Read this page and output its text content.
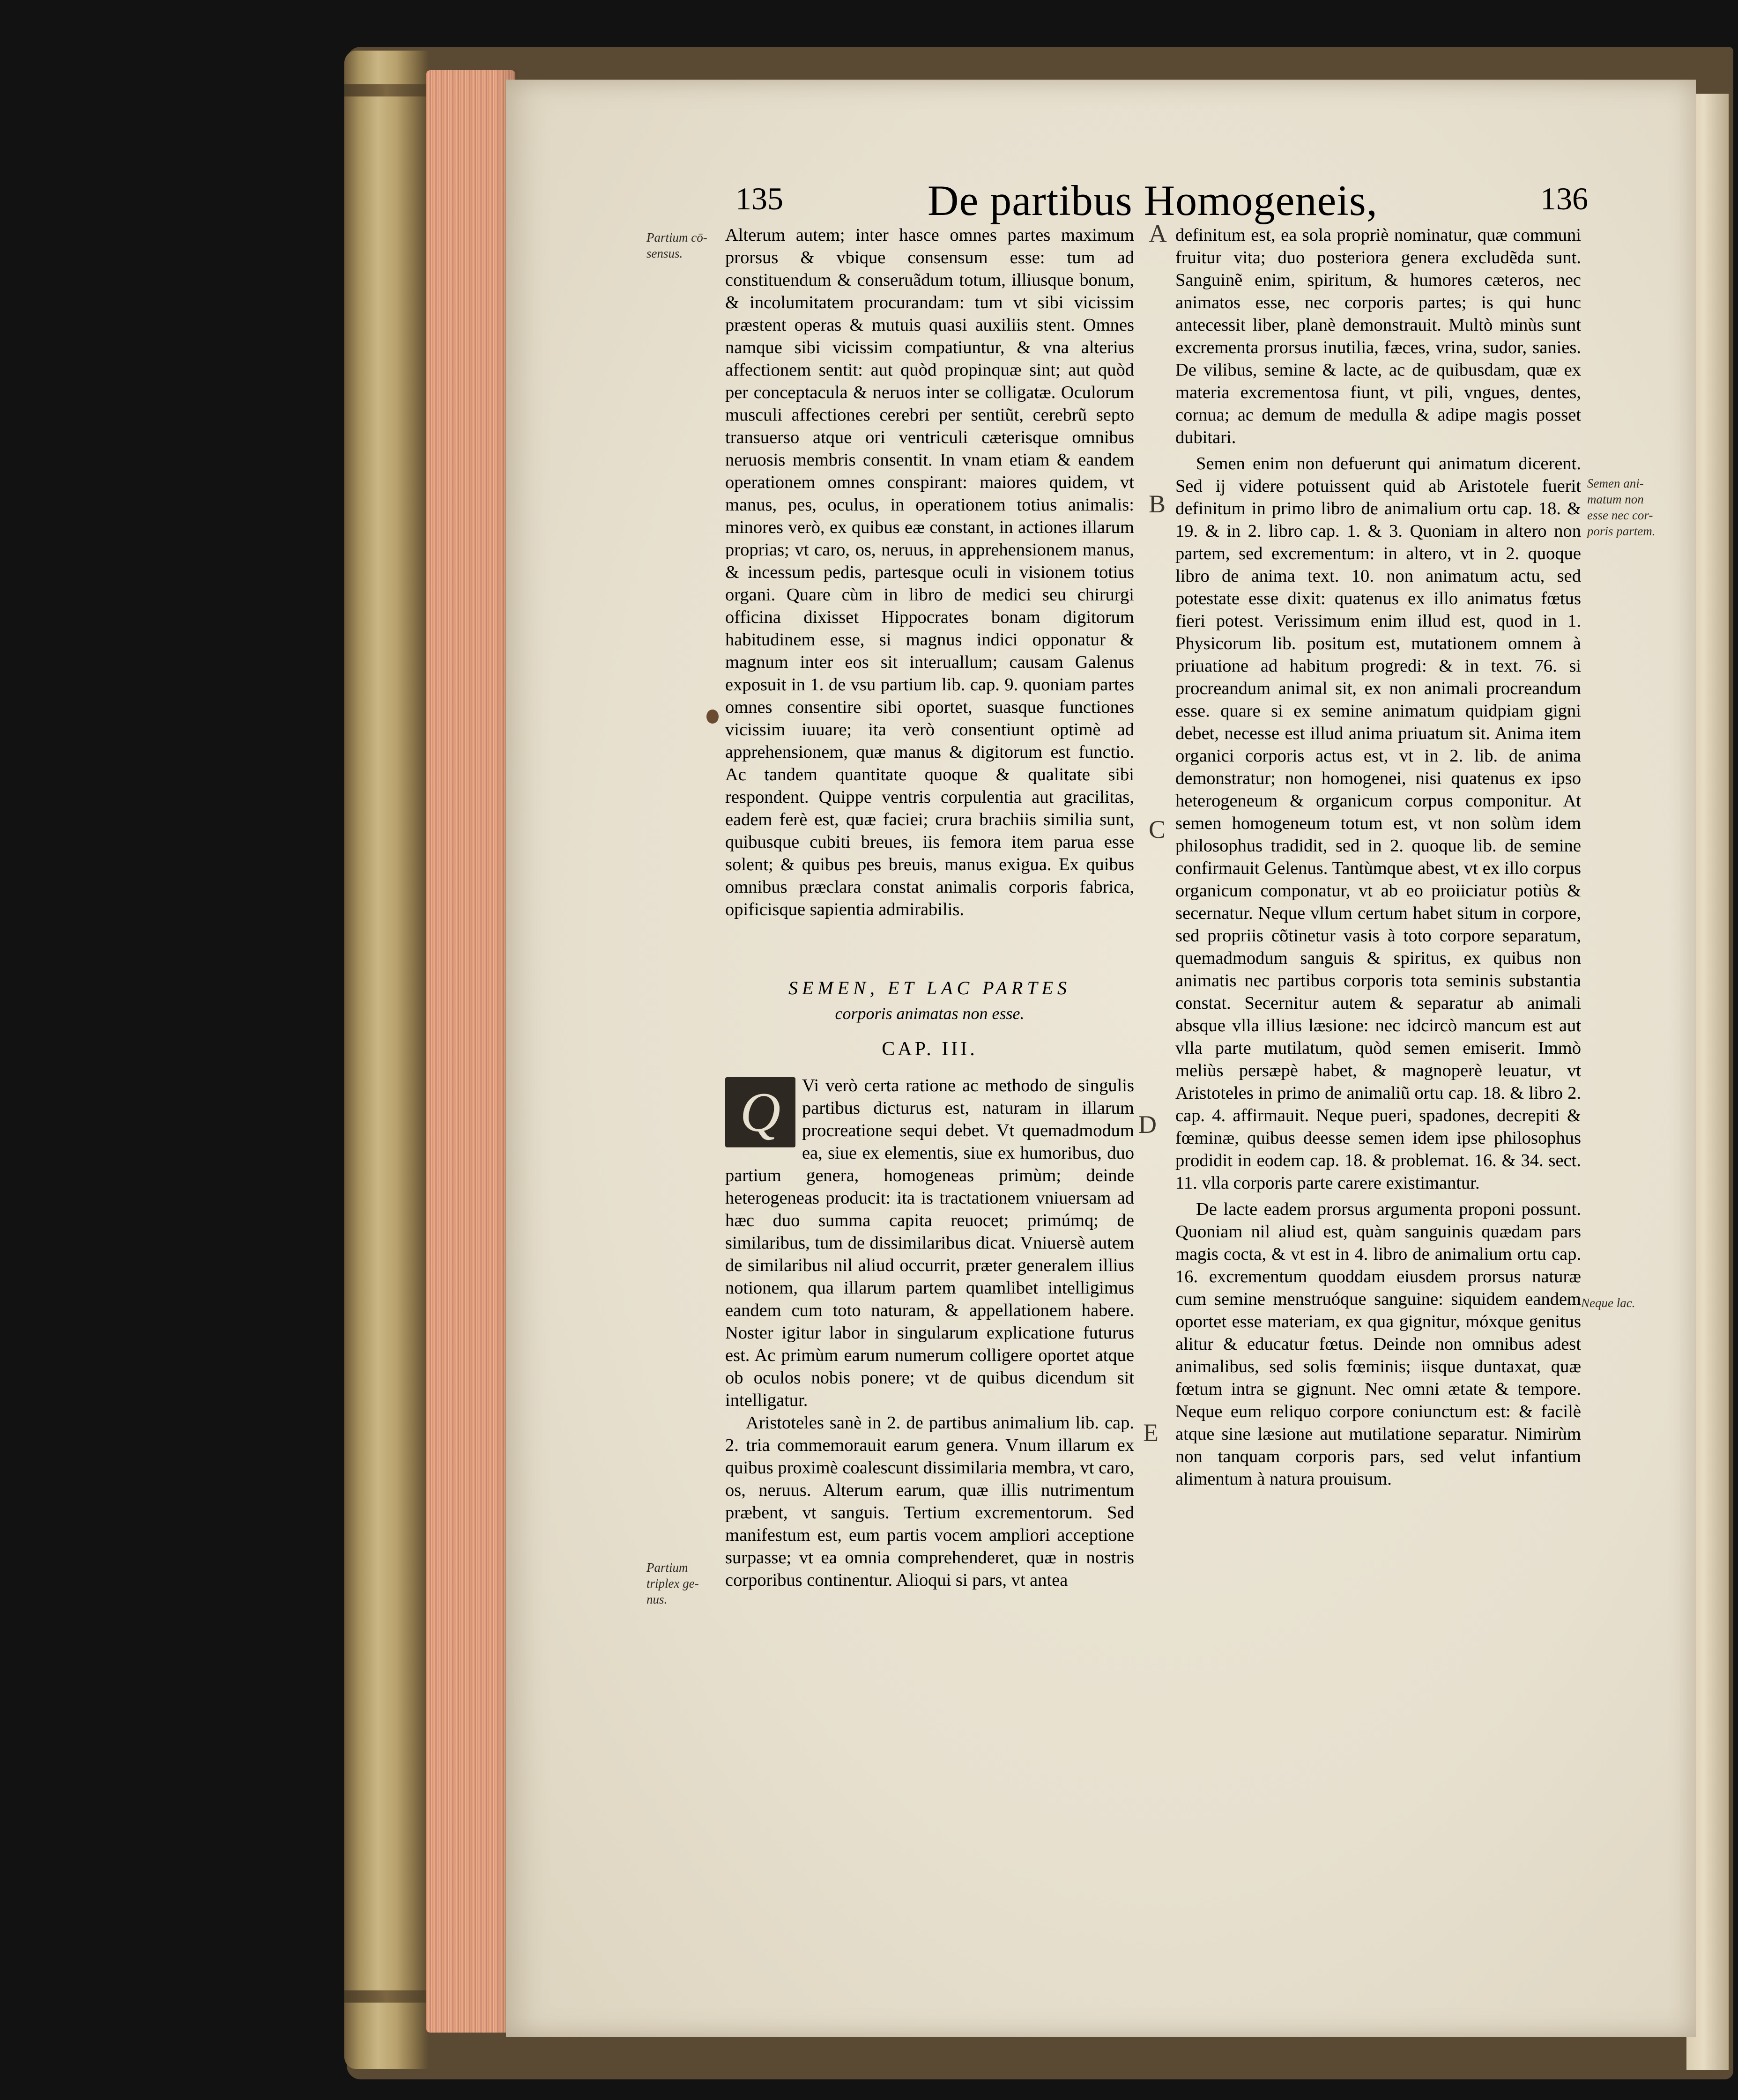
135	De partibus Homogeneis,	136
Partium cō-sensus.
Semen ani-matum non esse nec cor-poris partem.
Neque lac.
Partium triplex ge-nus.
A
B
C
D
E

Alterum autem; inter hasce omnes partes maximum prorsus & vbique consensum esse: tum ad constituendum & conseruãdum totum, illiusque bonum, & incolumitatem procurandam: tum vt sibi vicissim præstent operas & mutuis quasi auxiliis stent. Omnes namque sibi vicissim compatiuntur, & vna alterius affectionem sentit: aut quòd propinquæ sint; aut quòd per conceptacula & neruos inter se colligatæ. Oculorum musculi affectiones cerebri per sentiũt, cerebrũ septo transuerso atque ori ventriculi cæterisque omnibus neruosis membris consentit. In vnam etiam & eandem operationem omnes conspirant: maiores quidem, vt manus, pes, oculus, in operationem totius animalis: minores verò, ex quibus eæ constant, in actiones illarum proprias; vt caro, os, neruus, in apprehensionem manus, & incessum pedis, partesque oculi in visionem totius organi. Quare cùm in libro de medici seu chirurgi officina dixisset Hippocrates bonam digitorum habitudinem esse, si magnus indici opponatur & magnum inter eos sit interuallum; causam Galenus exposuit in 1. de vsu partium lib. cap. 9. quoniam partes omnes consentire sibi oportet, suasque functiones vicissim iuuare; ita verò consentiunt optimè ad apprehensionem, quæ manus & digitorum est functio. Ac tandem quantitate quoque & qualitate sibi respondent. Quippe ventris corpulentia aut gracilitas, eadem ferè est, quæ faciei; crura brachiis similia sunt, quibusque cubiti breues, iis femora item parua esse solent; & quibus pes breuis, manus exigua. Ex quibus omnibus præclara constat animalis corporis fabrica, opificisque sapientia admirabilis.

SEMEN, ET LAC PARTES
corporis animatas non esse.
CAP. III.

Q	Vi verò certa ratione ac methodo de singulis partibus dicturus est, naturam in illarum procreatione sequi debet. Vt quemadmodum ea, siue ex elementis, siue ex humoribus, duo partium genera, homogeneas primùm; deinde heterogeneas producit: ita is tractationem vniuersam ad hæc duo summa capita reuocet; primúmq; de similaribus, tum de dissimilaribus dicat. Vniuersè autem de similaribus nil aliud occurrit, præter generalem illius notionem, qua illarum partem quamlibet intelligimus eandem cum toto naturam, & appellationem habere. Noster igitur labor in singularum explicatione futurus est. Ac primùm earum numerum colligere oportet atque ob oculos nobis ponere; vt de quibus dicendum sit intelligatur.

Aristoteles sanè in 2. de partibus animalium lib. cap. 2. tria commemorauit earum genera. Vnum illarum ex quibus proximè coalescunt dissimilaria membra, vt caro, os, neruus. Alterum earum, quæ illis nutrimentum præbent, vt sanguis. Tertium excrementorum. Sed manifestum est, eum partis vocem ampliori acceptione surpasse; vt ea omnia comprehenderet, quæ in nostris corporibus continentur. Alioqui si pars, vt antea

definitum est, ea sola propriè nominatur, quæ communi fruitur vita; duo posteriora genera excludẽda sunt. Sanguinẽ enim, spiritum, & humores cæteros, nec animatos esse, nec corporis partes; is qui hunc antecessit liber, planè demonstrauit. Multò minùs sunt excrementa prorsus inutilia, fæces, vrina, sudor, sanies. De vilibus, semine & lacte, ac de quibusdam, quæ ex materia excrementosa fiunt, vt pili, vngues, dentes, cornua; ac demum de medulla & adipe magis posset dubitari.

Semen enim non defuerunt qui animatum dicerent. Sed ij videre potuissent quid ab Aristotele fuerit definitum in primo libro de animalium ortu cap. 18. & 19. & in 2. libro cap. 1. & 3. Quoniam in altero non partem, sed excrementum: in altero, vt in 2. quoque libro de anima text. 10. non animatum actu, sed potestate esse dixit: quatenus ex illo animatus fœtus fieri potest. Verissimum enim illud est, quod in 1. Physicorum lib. positum est, mutationem omnem à priuatione ad habitum progredi: & in text. 76. si procreandum animal sit, ex non animali procreandum esse. quare si ex semine animatum quidpiam gigni debet, necesse est illud anima priuatum sit. Anima item organici corporis actus est, vt in 2. lib. de anima demonstratur; non homogenei, nisi quatenus ex ipso heterogeneum & organicum corpus componitur. At semen homogeneum totum est, vt non solùm idem philosophus tradidit, sed in 2. quoque lib. de semine confirmauit Gelenus. Tantùmque abest, vt ex illo corpus organicum componatur, vt ab eo proiiciatur potiùs & secernatur. Neque vllum certum habet situm in corpore, sed propriis cõtinetur vasis à toto corpore separatum, quemadmodum sanguis & spiritus, ex quibus non animatis nec partibus corporis tota seminis substantia constat. Secernitur autem & separatur ab animali absque vlla illius læsione: nec idcircò mancum est aut vlla parte mutilatum, quòd semen emiserit. Immò meliùs persæpè habet, & magnoperè leuatur, vt Aristoteles in primo de animaliũ ortu cap. 18. & libro 2. cap. 4. affirmauit. Neque pueri, spadones, decrepiti & fœminæ, quibus deesse semen idem ipse philosophus prodidit in eodem cap. 18. & problemat. 16. & 34. sect. 11. vlla corporis parte carere existimantur.

De lacte eadem prorsus argumenta proponi possunt. Quoniam nil aliud est, quàm sanguinis quædam pars magis cocta, & vt est in 4. libro de animalium ortu cap. 16. excrementum quoddam eiusdem prorsus naturæ cum semine menstruóque sanguine: siquidem eandem oportet esse materiam, ex qua gignitur, móxque genitus alitur & educatur fœtus. Deinde non omnibus adest animalibus, sed solis fœminis; iisque duntaxat, quæ fœtum intra se gignunt. Nec omni ætate & tempore. Neque eum reliquo corpore coniunctum est: & facilè atque sine læsione aut mutilatione separatur. Nimirùm non tanquam corporis pars, sed velut infantium alimentum à natura prouisum.
